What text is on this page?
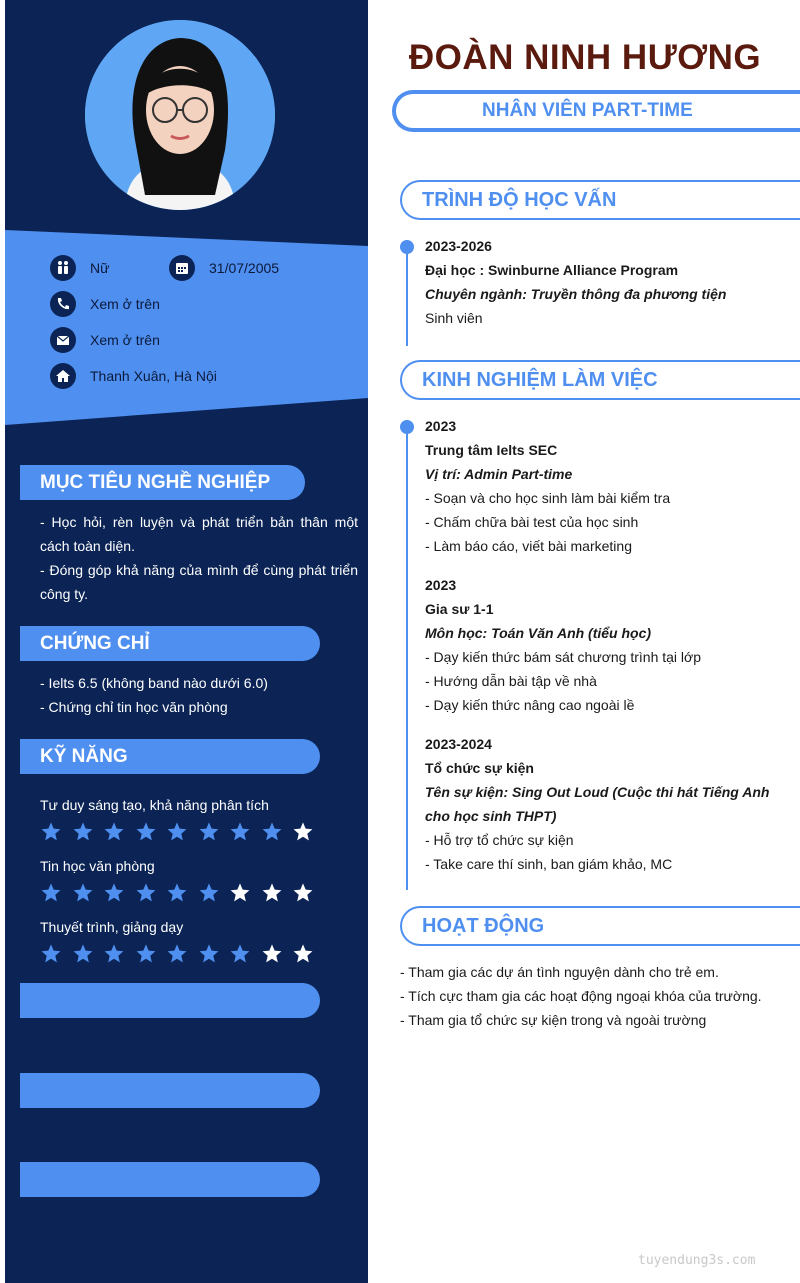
Nữ	31/07/2005
Xem ở trên
Xem ở trên
Thanh Xuân, Hà Nội
MỤC TIÊU NGHỀ NGHIỆP

- Học hỏi, rèn luyện và phát triển bản thân một cách toàn diện.

- Đóng góp khả năng của mình để cùng phát triển công ty.

CHỨNG CHỈ

- Ielts 6.5 (không band nào dưới 6.0)

- Chứng chỉ tin học văn phòng

KỸ NĂNG
Tư duy sáng tạo, khả năng phân tích
Tin học văn phòng
Thuyết trình, giảng dạy
ĐOÀN NINH HƯƠNG
NHÂN VIÊN PART-TIME
TRÌNH ĐỘ HỌC VẤN

2023-2026

Đại học : Swinburne Alliance Program

Chuyên ngành: Truyền thông đa phương tiện

Sinh viên

KINH NGHIỆM LÀM VIỆC

2023

Trung tâm Ielts SEC

Vị trí: Admin Part-time

- Soạn và cho học sinh làm bài kiểm tra

- Chấm chữa bài test của học sinh

- Làm báo cáo, viết bài marketing

2023

Gia sư 1-1

Môn học: Toán Văn Anh (tiểu học)

- Dạy kiến thức bám sát chương trình tại lớp

- Hướng dẫn bài tập về nhà

- Dạy kiến thức nâng cao ngoài lề

2023-2024

Tổ chức sự kiện

Tên sự kiện: Sing Out Loud (Cuộc thi hát Tiếng Anh cho học sinh THPT)

- Hỗ trợ tổ chức sự kiện

- Take care thí sinh, ban giám khảo, MC

HOẠT ĐỘNG

- Tham gia các dự án tình nguyện dành cho trẻ em.

- Tích cực tham gia các hoạt động ngoại khóa của trường.

- Tham gia tổ chức sự kiện trong và ngoài trường

tuyendung3s.com
